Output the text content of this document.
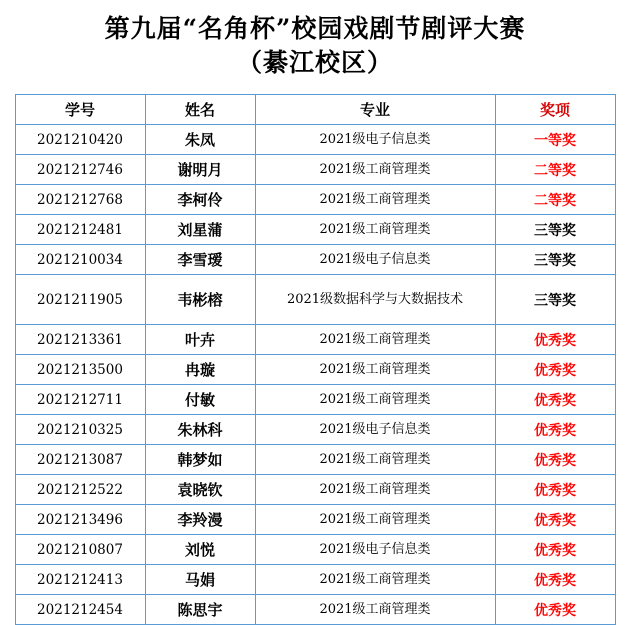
第九届“名角杯”校园戏剧节剧评大赛
（綦江校区）
学号	姓名	专业	奖项
2021210420	朱凤	2021级电子信息类	一等奖
2021212746	谢明月	2021级工商管理类	二等奖
2021212768	李柯伶	2021级工商管理类	二等奖
2021212481	刘星蒲	2021级工商管理类	三等奖
2021210034	李雪瑷	2021级电子信息类	三等奖
2021211905	韦彬榕	2021级数据科学与大数据技术	三等奖
2021213361	叶卉	2021级工商管理类	优秀奖
2021213500	冉璇	2021级工商管理类	优秀奖
2021212711	付敏	2021级工商管理类	优秀奖
2021210325	朱林科	2021级电子信息类	优秀奖
2021213087	韩梦如	2021级工商管理类	优秀奖
2021212522	袁晓钦	2021级工商管理类	优秀奖
2021213496	李羚漫	2021级工商管理类	优秀奖
2021210807	刘悦	2021级电子信息类	优秀奖
2021212413	马娟	2021级工商管理类	优秀奖
2021212454	陈思宇	2021级工商管理类	优秀奖
